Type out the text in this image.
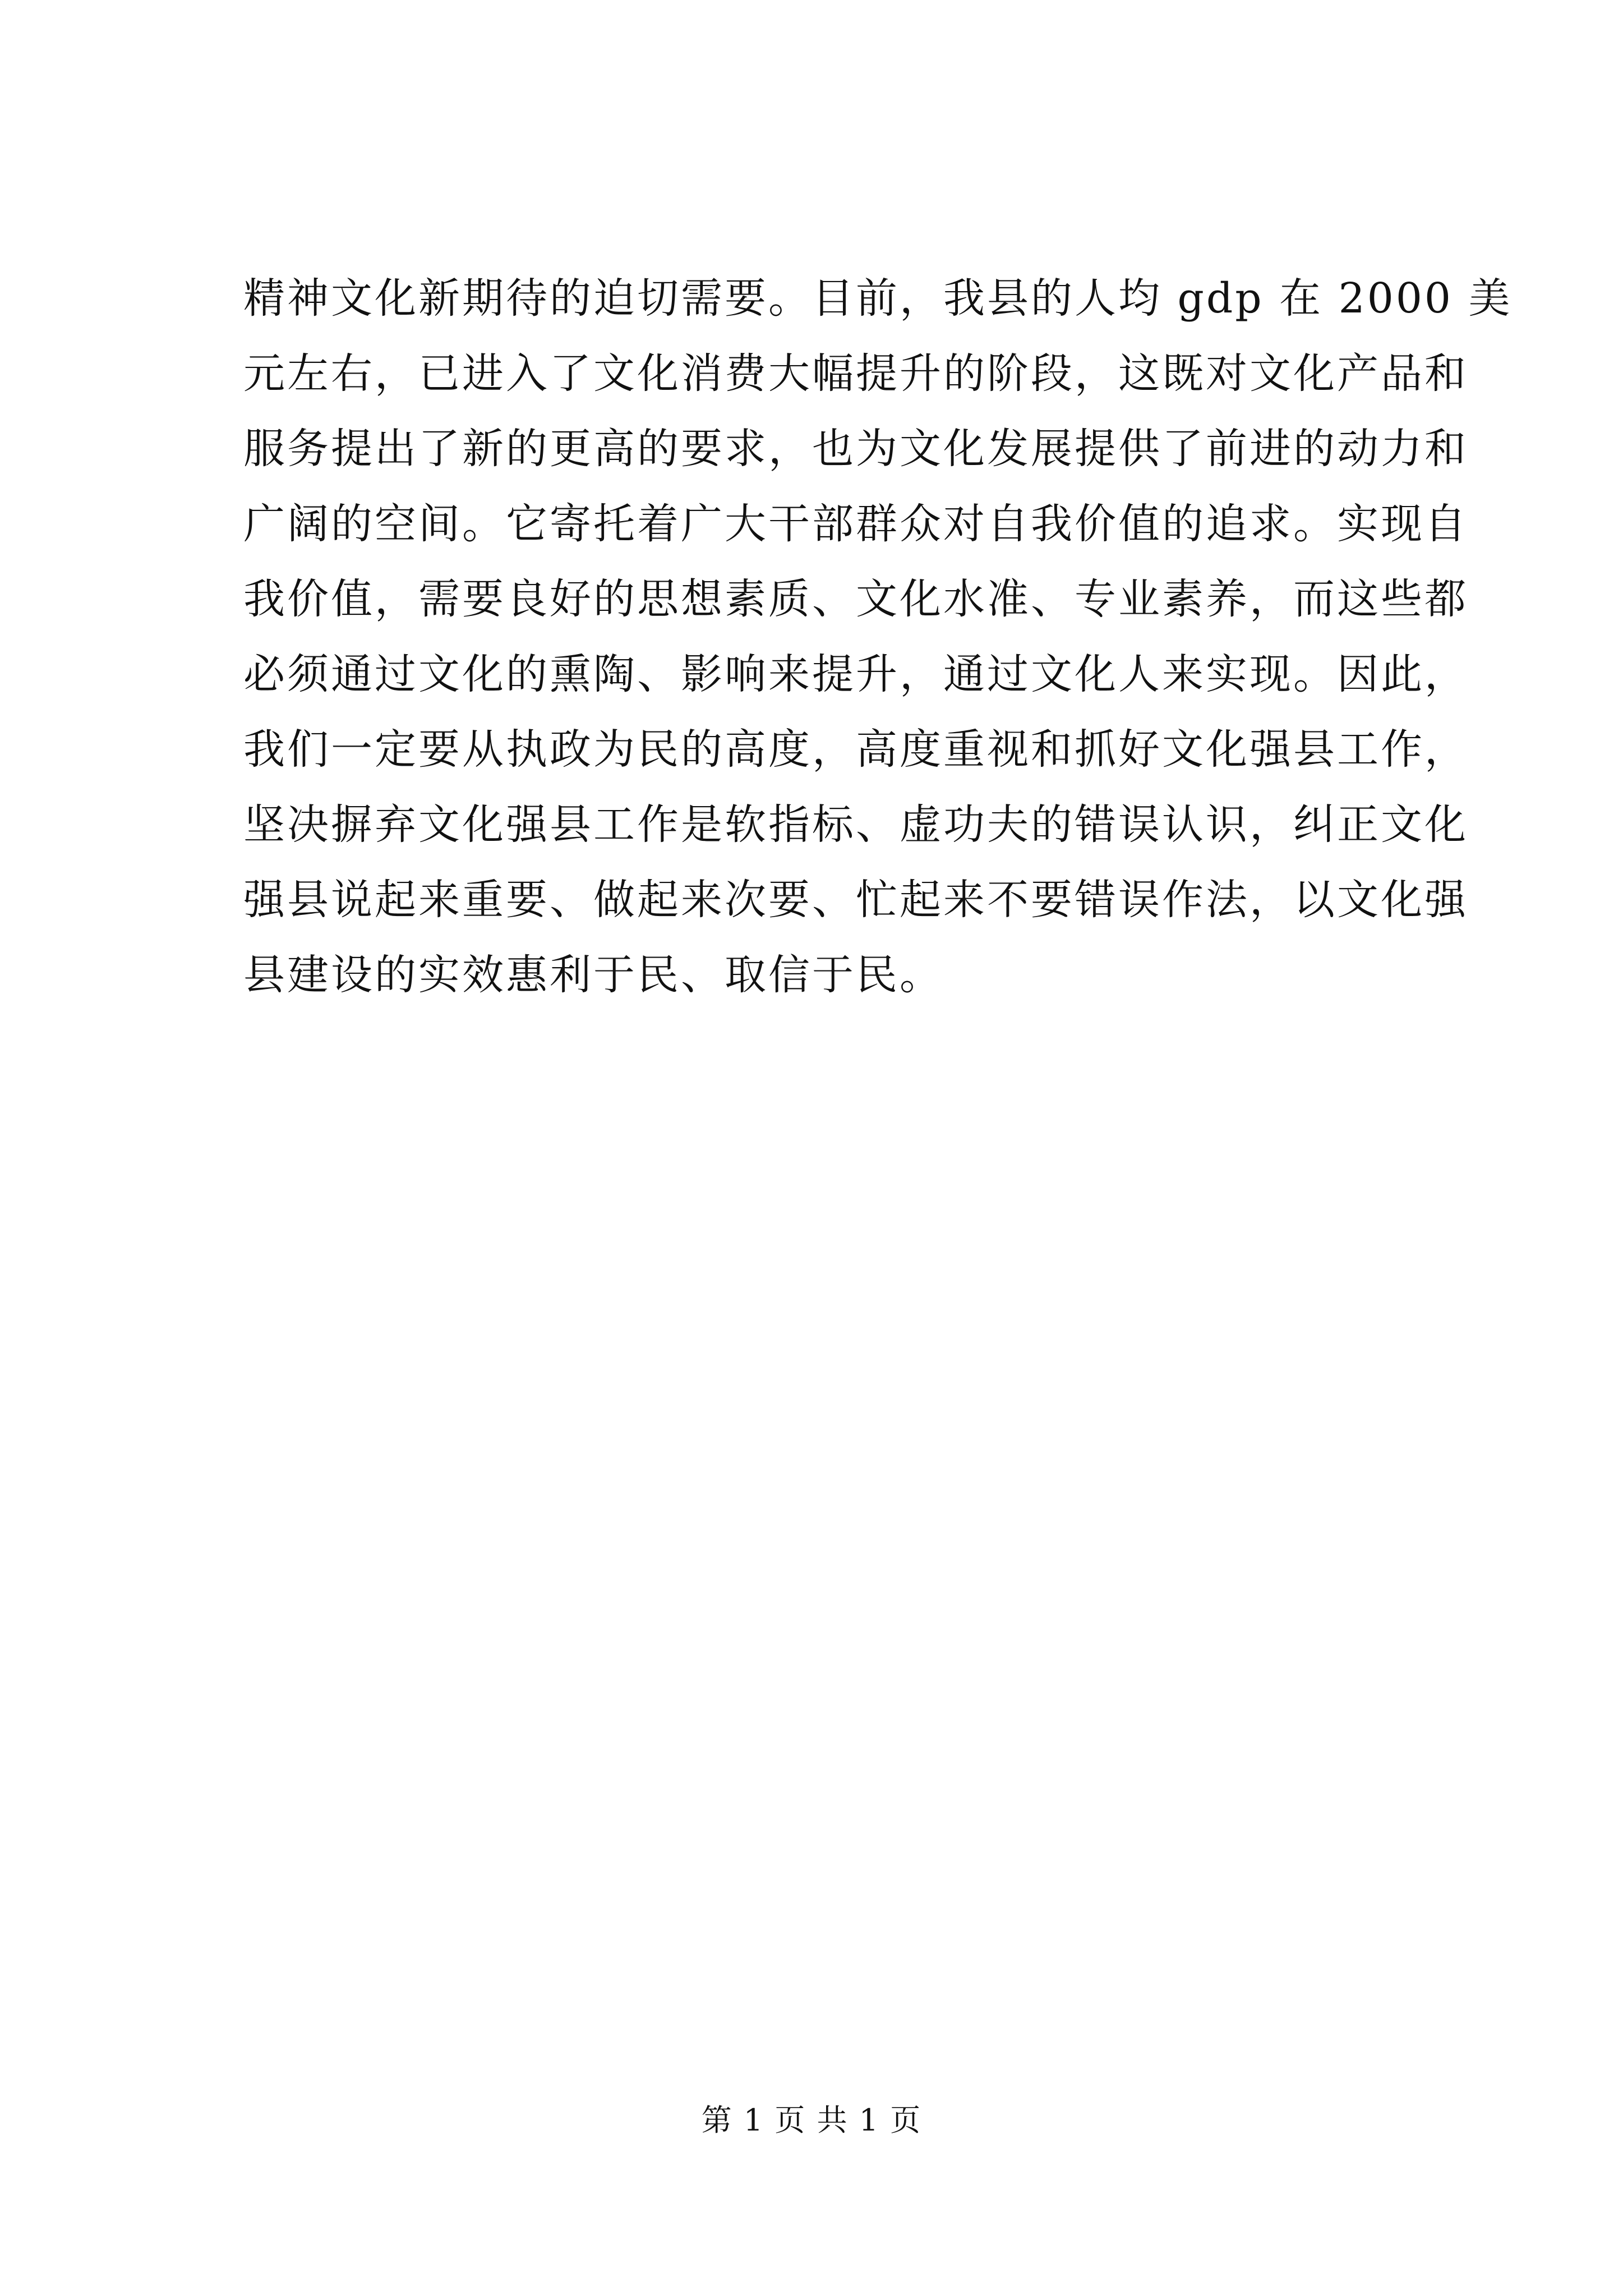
精神文化新期待的迫切需要。目前，我县的人均 gdp 在 2000 美
元左右，已进入了文化消费大幅提升的阶段，这既对文化产品和
服务提出了新的更高的要求，也为文化发展提供了前进的动力和
广阔的空间。它寄托着广大干部群众对自我价值的追求。实现自
我价值，需要良好的思想素质、文化水准、专业素养，而这些都
必须通过文化的熏陶、影响来提升，通过文化人来实现。因此，
我们一定要从执政为民的高度，高度重视和抓好文化强县工作，
坚决摒弃文化强县工作是软指标、虚功夫的错误认识，纠正文化
强县说起来重要、做起来次要、忙起来不要错误作法，以文化强
县建设的实效惠利于民、取信于民。
第 1 页 共 1 页
